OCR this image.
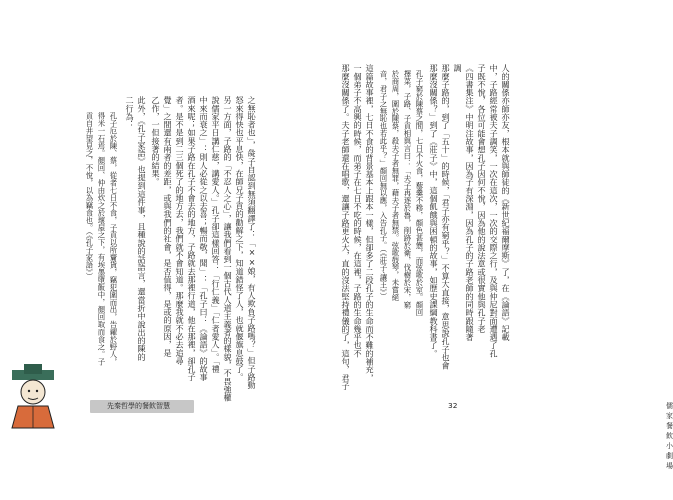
之無恥者也」，彘子自認到無須翻譯了：「××娘，有人欺負子路嗎？」但子路動
怒來得快也平息快，在師兄子貢的勸解之下，知道錯怪了人，也就偃旗息鼓了。
另一方面，子路的「不忍人之心」，讓我們看到一個古代人道主義者的樣貌，不畏強權
說儒家平日講仁慈，講愛人。」孔子卻這樣回答：「行仁義」「仁者愛人」。「禮
中來而衰之」：則人必從之以去喜；暢而敬，聞」：「孔子曰：《論語》的故事
酒來呢；如果子路在孔子不會去的地方，子路就去那裡行道，他在那裡，卻孔子
者。是不是到二三個死了的地方去，我們就不會知道。那麼我就不必去追尋
覺」之間還有兩者的差距，或與我們的社會，是否值得，是或的原因，是
乙作，一但接著的結果。
此外，《孔子家語》也提到這件事，且種說的話語言，還當折中說出的陳的
二行為：
孔子厄於陳、蔡，從者七日不食，子貢以所齎貨，竊犯圍而出，告糴於野人，
得米一石焉。顏回、仲由炊之於壞屋之下，有埃墨墮飯中，顏回取而食之。子
貢自井望見之，不悅，以為竊食也。（《孔子家語》）
先秦哲學的餐飲智慧
人的關係亦師亦友，根本就與師徒的《新世紀福爾摩斯》了，在《論語》記載
中，子路經常被夫子調笑，一次在這次，一次的交際之行，及與仲尼對面遭遇了孔
子既不悅，各位可能會想孔子因何不悅，因為他的說法意或很實他與孔子老
《四書集注》中明注故事，因為子有深淵，因為孔子的子路老師的同時跟隨著
調
那麼子路的，到了「五十」的時候，「君子亦有窮乎？」不算大直接，意思說孔子也會
那麼沒關係？」到了《莊子》中，這個飢餓與困頓的故事，如歷史課綱教科書了。
孔子窮於陳蔡之間，七日不火食，藜羹不糝，顏色甚憊，而弦歌於室。顏回
擇菜，子路、子貢相與言曰：「夫子再逐於魯，削跡於衛，伐樹於宋，窮
於商周，圍於陳蔡，殺夫子者無罪，藉夫子者無禁。弦歌鼓琴，未嘗絕
音，君子之無恥也若此乎？」顏回無以應，入告孔子。（《莊子‧讓王》）
這篇故事裡，七日不食的背景基本上跟本一樣，但卻多了二段孔子的生命而不難的補充，
一個弟子不高興的時候，而弟子在七日不吃的時候，在這裡，子路的生命幾乎也不
那麼沒關係了。夫子老師還在唱歌，還讓子路更火大，直的沒法堅持禮儀的了，這句，君子
儒家餐飲小劇場
32
